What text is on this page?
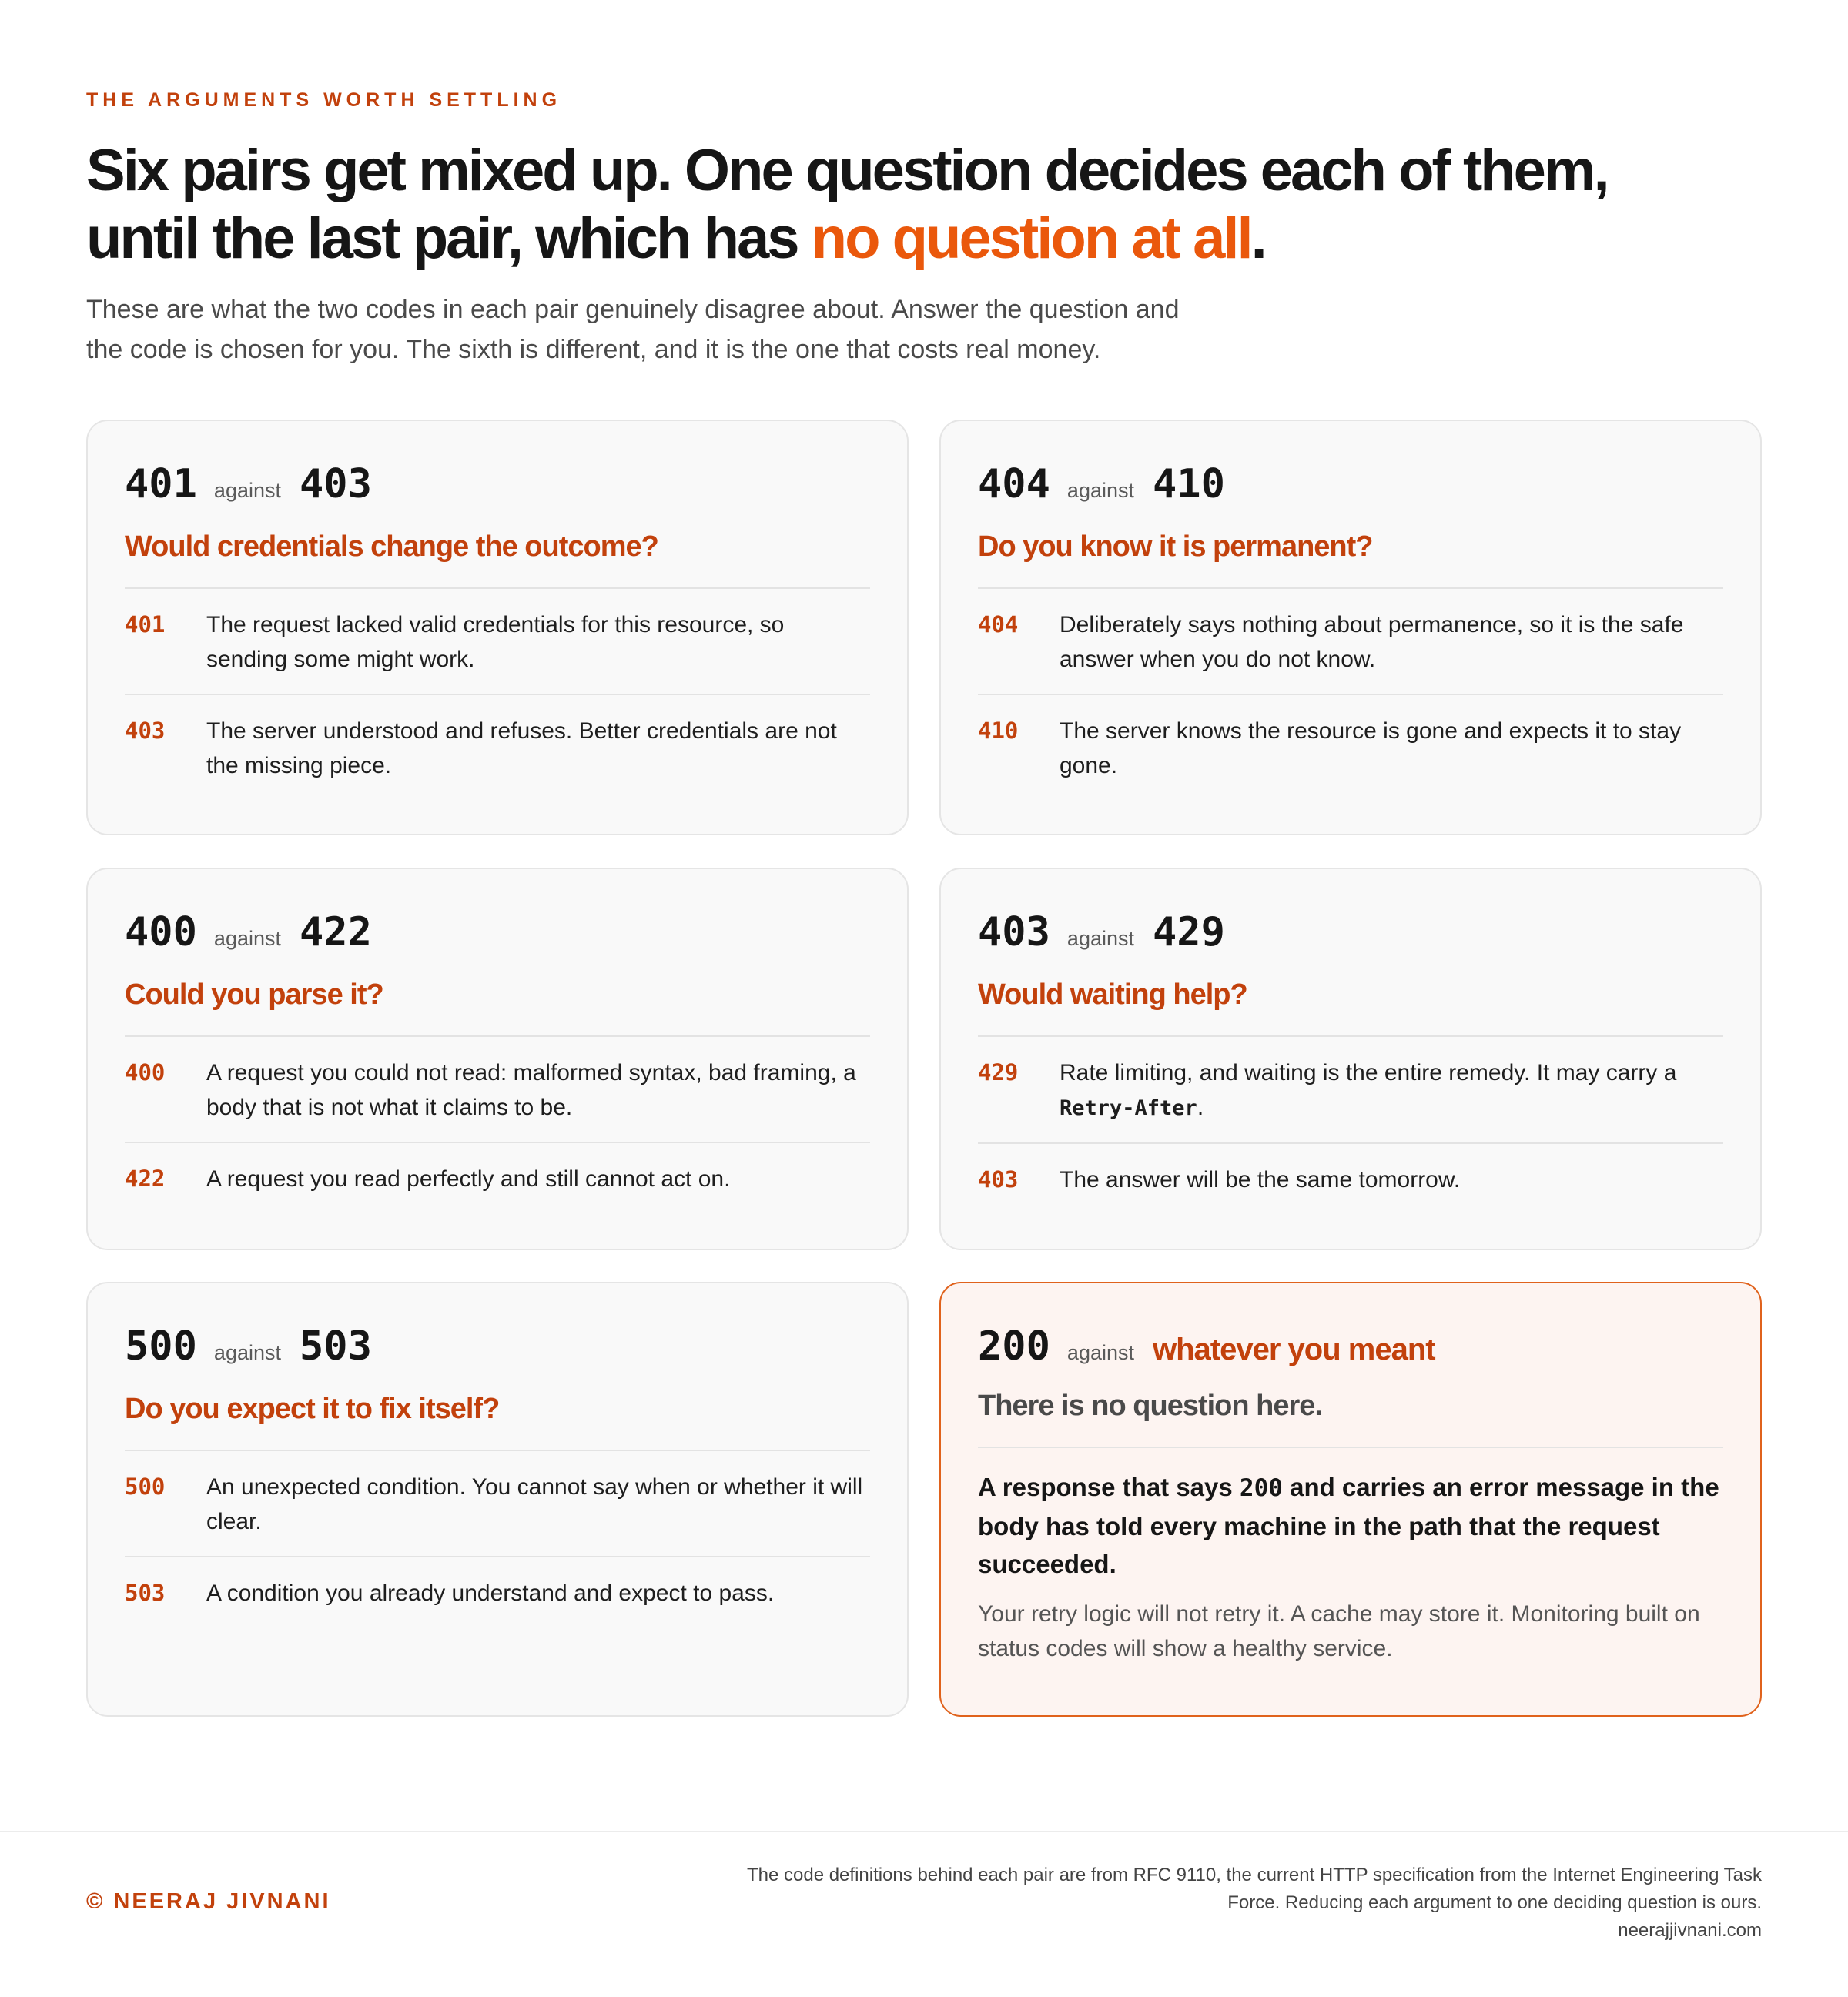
THE ARGUMENTS WORTH SETTLING
Six pairs get mixed up. One question decides each of them,
until the last pair, which has no question at all.

These are what the two codes in each pair genuinely disagree about. Answer the question and
the code is chosen for you. The sixth is different, and it is the one that costs real money.

401 against 403
Would credentials change the outcome?
401	The request lacked valid credentials for this resource, so sending some might work.
403	The server understood and refuses. Better credentials are not the missing piece.
404 against 410
Do you know it is permanent?
404	Deliberately says nothing about permanence, so it is the safe answer when you do not know.
410	The server knows the resource is gone and expects it to stay gone.
400 against 422
Could you parse it?
400	A request you could not read: malformed syntax, bad framing, a body that is not what it claims to be.
422	A request you read perfectly and still cannot act on.
403 against 429
Would waiting help?
429	Rate limiting, and waiting is the entire remedy. It may carry a Retry-After.
403	The answer will be the same tomorrow.
500 against 503
Do you expect it to fix itself?
500	An unexpected condition. You cannot say when or whether it will clear.
503	A condition you already understand and expect to pass.
200 against whatever you meant
There is no question here.

A response that says 200 and carries an error message in the body has told every machine in the path that the request succeeded.

Your retry logic will not retry it. A cache may store it. Monitoring built on status codes will show a healthy service.

© NEERAJ JIVNANI
The code definitions behind each pair are from RFC 9110, the current HTTP specification from the Internet Engineering Task
Force. Reducing each argument to one deciding question is ours.
neerajjivnani.com
